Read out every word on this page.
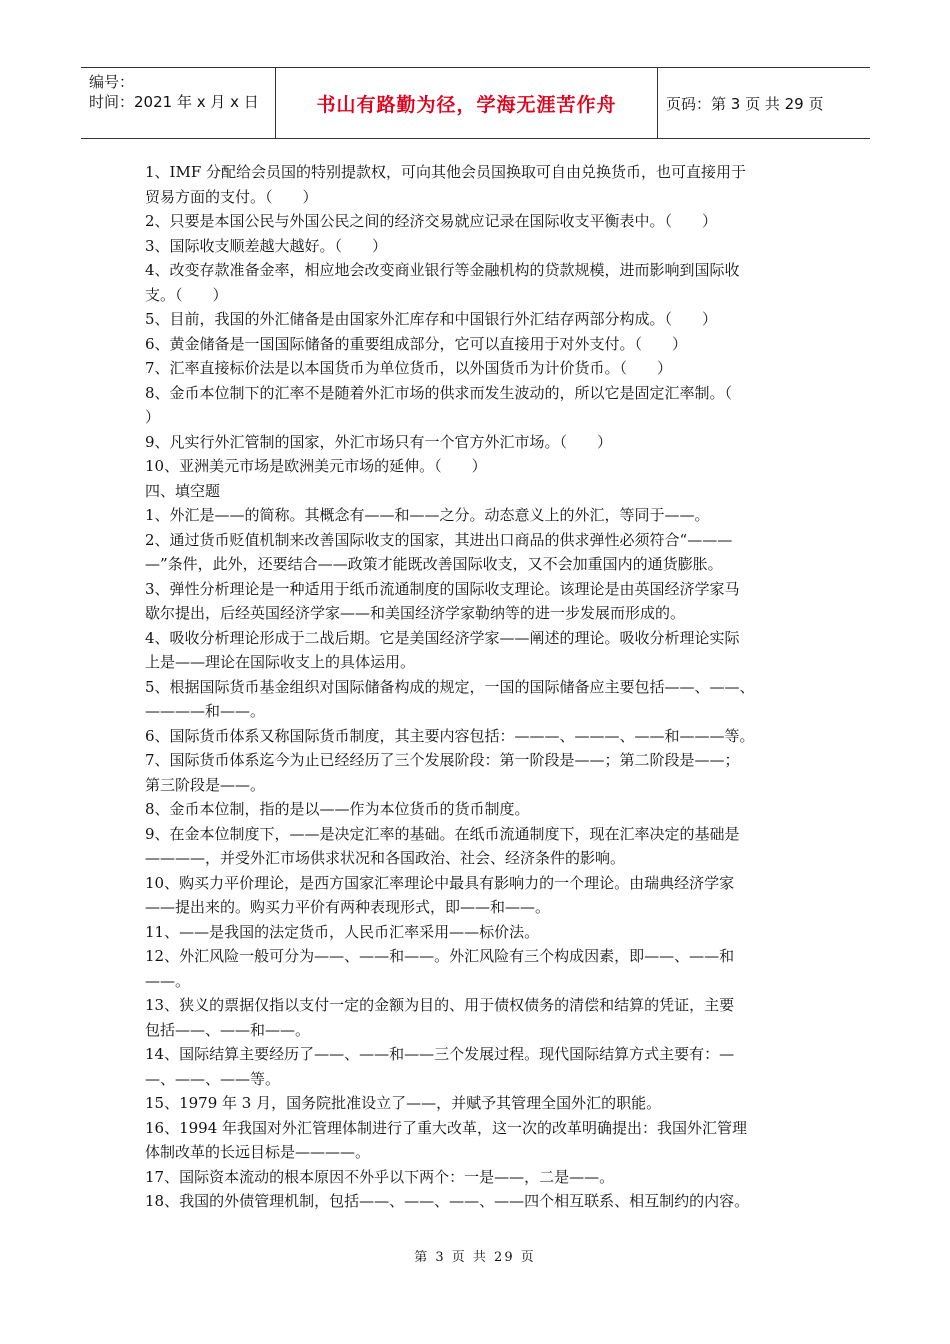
编号：
时间：2021 年 x 月 x 日	书山有路勤为径，学海无涯苦作舟	页码：第 3 页 共 29 页
1、IMF 分配给会员国的特别提款权，可向其他会员国换取可自由兑换货币，也可直接用于
贸易方面的支付。（　　）
2、只要是本国公民与外国公民之间的经济交易就应记录在国际收支平衡表中。（　　）
3、国际收支顺差越大越好。（　　）
4、改变存款准备金率，相应地会改变商业银行等金融机构的贷款规模，进而影响到国际收
支。（　　）
5、目前，我国的外汇储备是由国家外汇库存和中国银行外汇结存两部分构成。（　　）
6、黄金储备是一国国际储备的重要组成部分，它可以直接用于对外支付。（　　）
7、汇率直接标价法是以本国货币为单位货币，以外国货币为计价货币。（　　）
8、金币本位制下的汇率不是随着外汇市场的供求而发生波动的，所以它是固定汇率制。（
）
9、凡实行外汇管制的国家，外汇市场只有一个官方外汇市场。（　　）
10、亚洲美元市场是欧洲美元市场的延伸。（　　）
四、填空题
1、外汇是——的简称。其概念有——和——之分。动态意义上的外汇，等同于——。
2、通过货币贬值机制来改善国际收支的国家，其进出口商品的供求弹性必须符合“———
—”条件，此外，还要结合——政策才能既改善国际收支，又不会加重国内的通货膨胀。
3、弹性分析理论是一种适用于纸币流通制度的国际收支理论。该理论是由英国经济学家马
歇尔提出，后经英国经济学家——和美国经济学家勒纳等的进一步发展而形成的。
4、吸收分析理论形成于二战后期。它是美国经济学家——阐述的理论。吸收分析理论实际
上是——理论在国际收支上的具体运用。
5、根据国际货币基金组织对国际储备构成的规定，一国的国际储备应主要包括——、——、
————和——。
6、国际货币体系又称国际货币制度，其主要内容包括：———、———、——和———等。
7、国际货币体系迄今为止已经经历了三个发展阶段：第一阶段是——；第二阶段是——；
第三阶段是——。
8、金币本位制，指的是以——作为本位货币的货币制度。
9、在金本位制度下，——是决定汇率的基础。在纸币流通制度下，现在汇率决定的基础是
————，并受外汇市场供求状况和各国政治、社会、经济条件的影响。
10、购买力平价理论，是西方国家汇率理论中最具有影响力的一个理论。由瑞典经济学家
——提出来的。购买力平价有两种表现形式，即——和——。
11、——是我国的法定货币，人民币汇率采用——标价法。
12、外汇风险一般可分为——、——和——。外汇风险有三个构成因素，即——、——和
——。
13、狭义的票据仅指以支付一定的金额为目的、用于债权债务的清偿和结算的凭证，主要
包括——、——和——。
14、国际结算主要经历了——、——和——三个发展过程。现代国际结算方式主要有：—
—、——、——等。
15、1979 年 3 月，国务院批准设立了——，并赋予其管理全国外汇的职能。
16、1994 年我国对外汇管理体制进行了重大改革，这一次的改革明确提出：我国外汇管理
体制改革的长远目标是————。
17、国际资本流动的根本原因不外乎以下两个：一是——，二是——。
18、我国的外债管理机制，包括——、——、——、——四个相互联系、相互制约的内容。
第 3 页 共 29 页
